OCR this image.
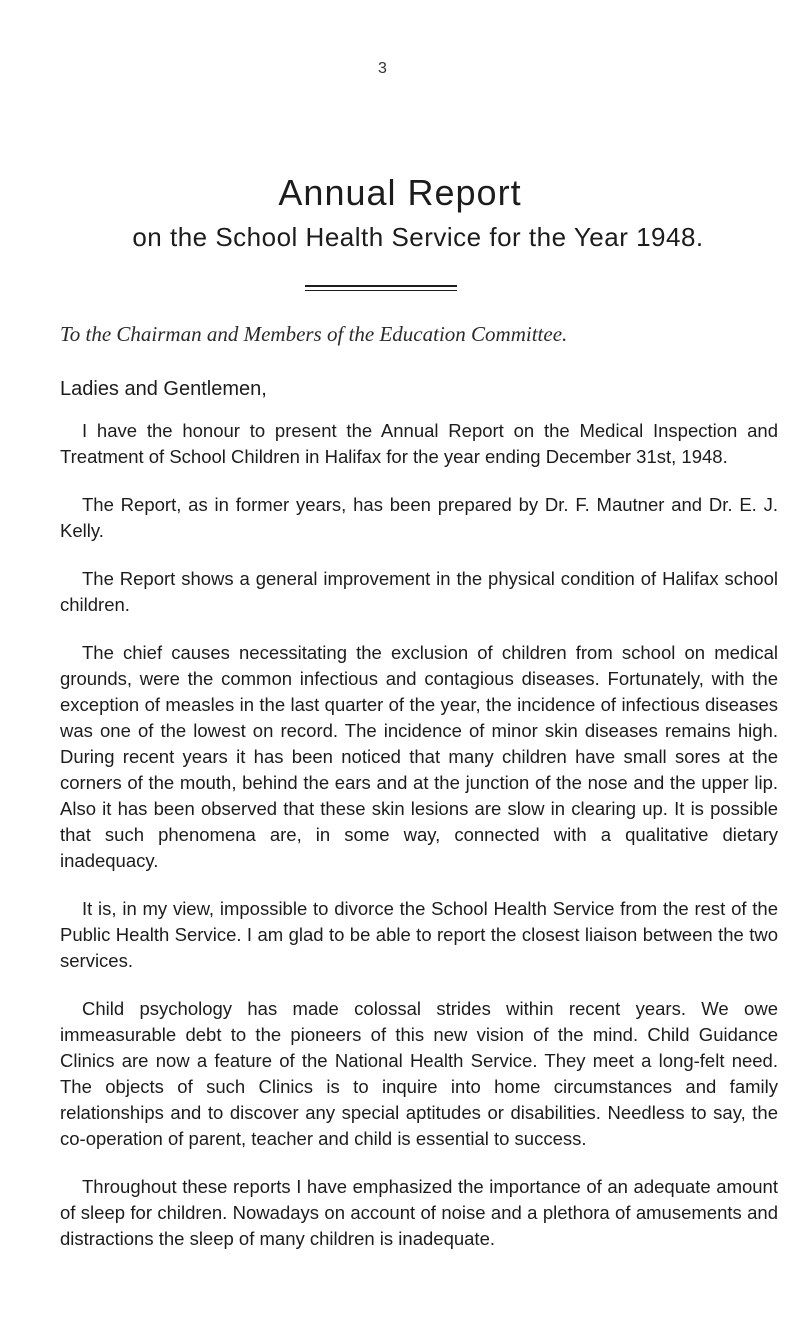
3
Annual Report
on the School Health Service for the Year 1948.
To the Chairman and Members of the Education Committee.
Ladies and Gentlemen,

I have the honour to present the Annual Report on the Medical Inspection and Treatment of School Children in Halifax for the year ending December 31st, 1948.

The Report, as in former years, has been prepared by Dr. F. Mautner and Dr. E. J. Kelly.

The Report shows a general improvement in the physical condition of Halifax school children.

The chief causes necessitating the exclusion of children from school on medical grounds, were the common infectious and contagious diseases. Fortunately, with the exception of measles in the last quarter of the year, the incidence of infectious diseases was one of the lowest on record. The incidence of minor skin diseases remains high. During recent years it has been noticed that many children have small sores at the corners of the mouth, behind the ears and at the junction of the nose and the upper lip. Also it has been observed that these skin lesions are slow in clearing up. It is possible that such phenomena are, in some way, connected with a qualitative dietary inadequacy.

It is, in my view, impossible to divorce the School Health Service from the rest of the Public Health Service. I am glad to be able to report the closest liaison between the two services.

Child psychology has made colossal strides within recent years. We owe immeasurable debt to the pioneers of this new vision of the mind. Child Guidance Clinics are now a feature of the National Health Service. They meet a long-felt need. The objects of such Clinics is to inquire into home circumstances and family relationships and to discover any special aptitudes or disabilities. Needless to say, the co-operation of parent, teacher and child is essential to success.

Throughout these reports I have emphasized the importance of an adequate amount of sleep for children. Nowadays on account of noise and a plethora of amusements and distractions the sleep of many children is inadequate.
